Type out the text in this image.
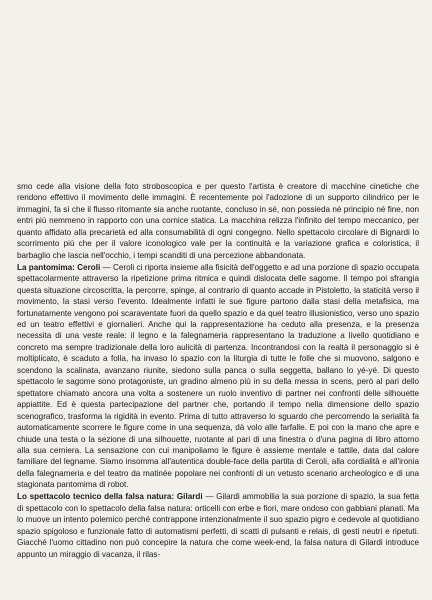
smo cede alla visione della foto stroboscopica e per questo l'artista è creatore di macchine cinetiche che rendono effettivo il movimento delle immagini. È recentemente poi l'adozione di un supporto cilindrico per le immagini, fa sì che il flusso ritornante sia anche ruotante, concluso in sé, non possieda né principio né fine, non entri più nemmeno in rapporto con una cornice statica. La macchina relizza l'infinito del tempo meccanico, per quanto affidato alla precarietà ed alla consumabilità di ogni congegno. Nello spettacolo circolare di Bignardi lo scorrimento più che per il valore iconologico vale per la continuità e la variazione grafica e coloristica, il barbaglio che lascia nell'occhio, i tempi scanditi di una percezione abbandonata.

La pantomima: Ceroli — Ceroli ci riporta insieme alla fisicità dell'oggetto e ad una porzione di spazio occupata spettacolarmente attraverso la ripetizione prima ritmica e quindi dislocata delle sagome. Il tempo poi sfrangia questa situazione circoscritta, la percorre, spinge, al contrario di quanto accade in Pistoletto, la staticità verso il movimento, la stasi verso l'evento. Idealmente infatti le sue figure partono dalla stasi della metafisica, ma fortunatamente vengono poi scaraventate fuori da quello spazio e da quel teatro illusionistico, verso uno spazio ed un teatro effettivi e giornalieri. Anche qui la rappresentazione ha ceduto alla presenza, e la presenza necessita di una veste reale: il legno e la falegnameria rappresentano la traduzione a livello quotidiano e concreto ma sempre tradizionale della loro aulicità di partenza. Incontrandosi con la realtà il personaggio si è moltiplicato, è scaduto a folla, ha invaso lo spazio con la liturgia di tutte le folle che si muovono, salgono e scendono la scalinata, avanzano riunite, siedono sulla panca o sulla seggetta, ballano lo yé-yé. Di questo spettacolo le sagome sono protagoniste, un gradino almeno più in su della messa in scens, però al pari dello spettatore chiamato ancora una volta a sostenere un ruolo inventivo di partner nei confronti delle silhouette appiattite. Ed è questa partecipazione del partner che, portando il tempo nella dimensione dello spazio scenografico, trasforma la rigidità in evento. Prima di tutto attraverso lo sguardo che percorrendo la serialità fa automaticamente scorrere le figure come in una sequenza, dà volo alle farfalle. E poi con la mano che apre e chiude una testa o la sezione di una silhouette, ruotante al pari di una finestra o d'una pagina di libro attorno alla sua cerniera. La sensazione con cui manipoliamo le figure è assieme mentale e tattile, data dal calore familiare del legname. Siamo insomma all'autentica double-face della partita di Ceroli, alla cordialità e all'ironia della falegnameria e del teatro da matinée popolare nei confronti di un vetusto scenario archeologico e di una stagionata pantomima di robot.

Lo spettacolo tecnico della falsa natura: Gilardi — Gilardi ammobilia la sua porzione di spazio, la sua fetta di spettacolo con lo spettacolo della falsa natura: orticelli con erbe e fiori, mare ondoso con gabbiani planati. Ma lo muove un intento polemico perché contrappone intenzionalmente il suo spazio pigro e cedevole al quotidiano spazio spigoloso e funzionale fatto di automatismi perfetti, di scatti di pulsanti e relais, di gesti neutri e ripetuti. Giacché l'uomo cittadino non può concepire la natura che come week-end, la falsa natura di Gilardi introduce appunto un miraggio di vacanza, il rilas-
